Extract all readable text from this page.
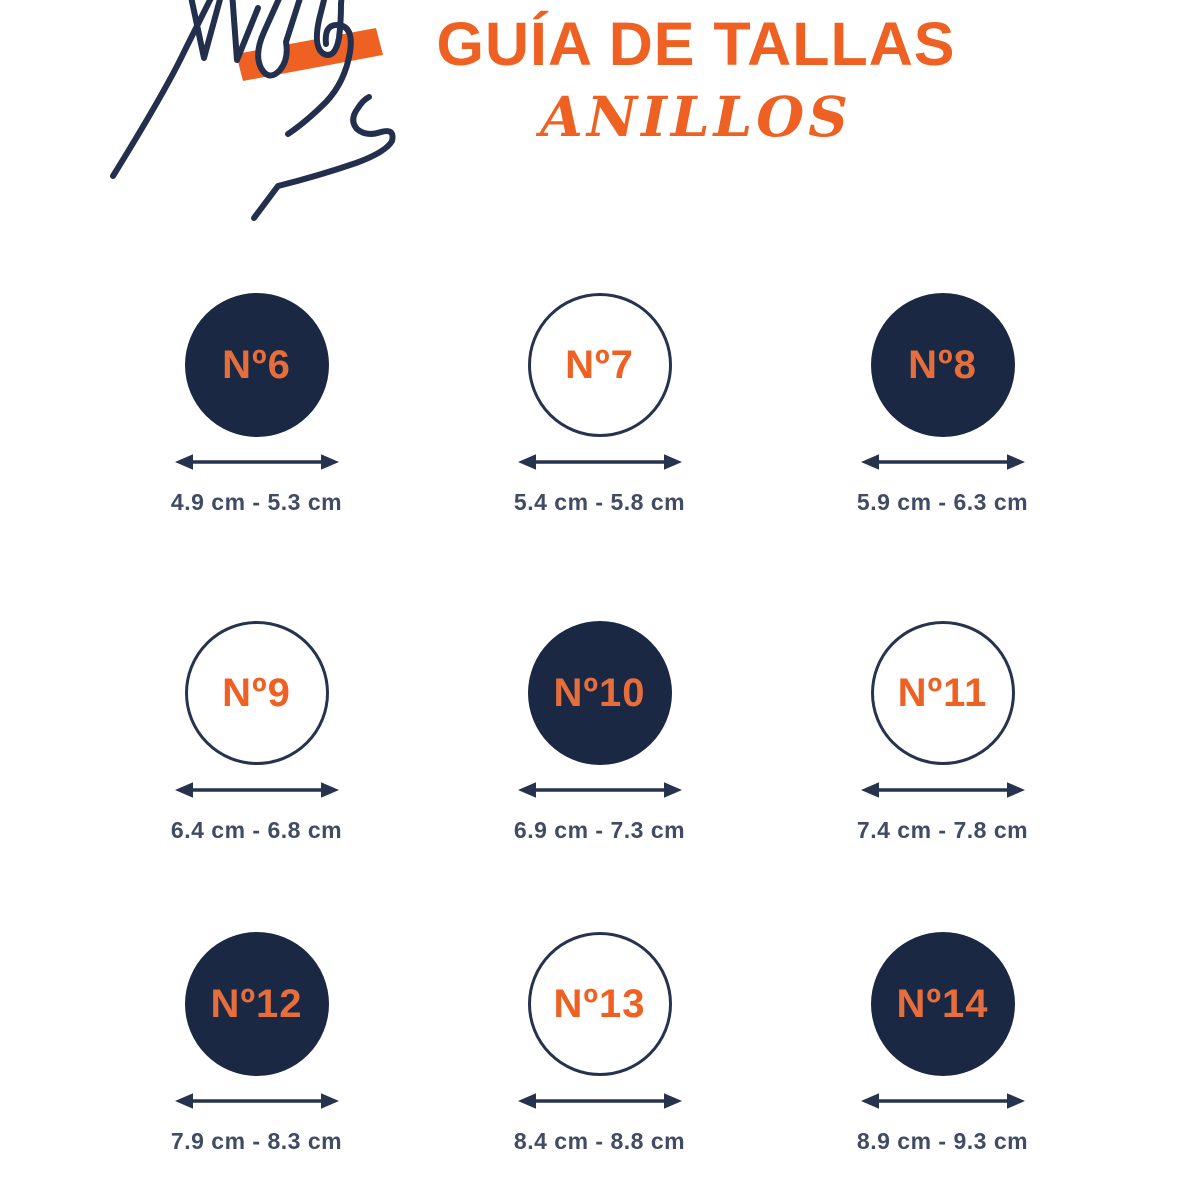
GUÍA DE TALLAS
ANILLOS
Nº6
4.9 cm - 5.3 cm
Nº7
5.4 cm - 5.8 cm
Nº8
5.9 cm - 6.3 cm
Nº9
6.4 cm - 6.8 cm
Nº10
6.9 cm - 7.3 cm
Nº11
7.4 cm - 7.8 cm
Nº12
7.9 cm - 8.3 cm
Nº13
8.4 cm - 8.8 cm
Nº14
8.9 cm - 9.3 cm
